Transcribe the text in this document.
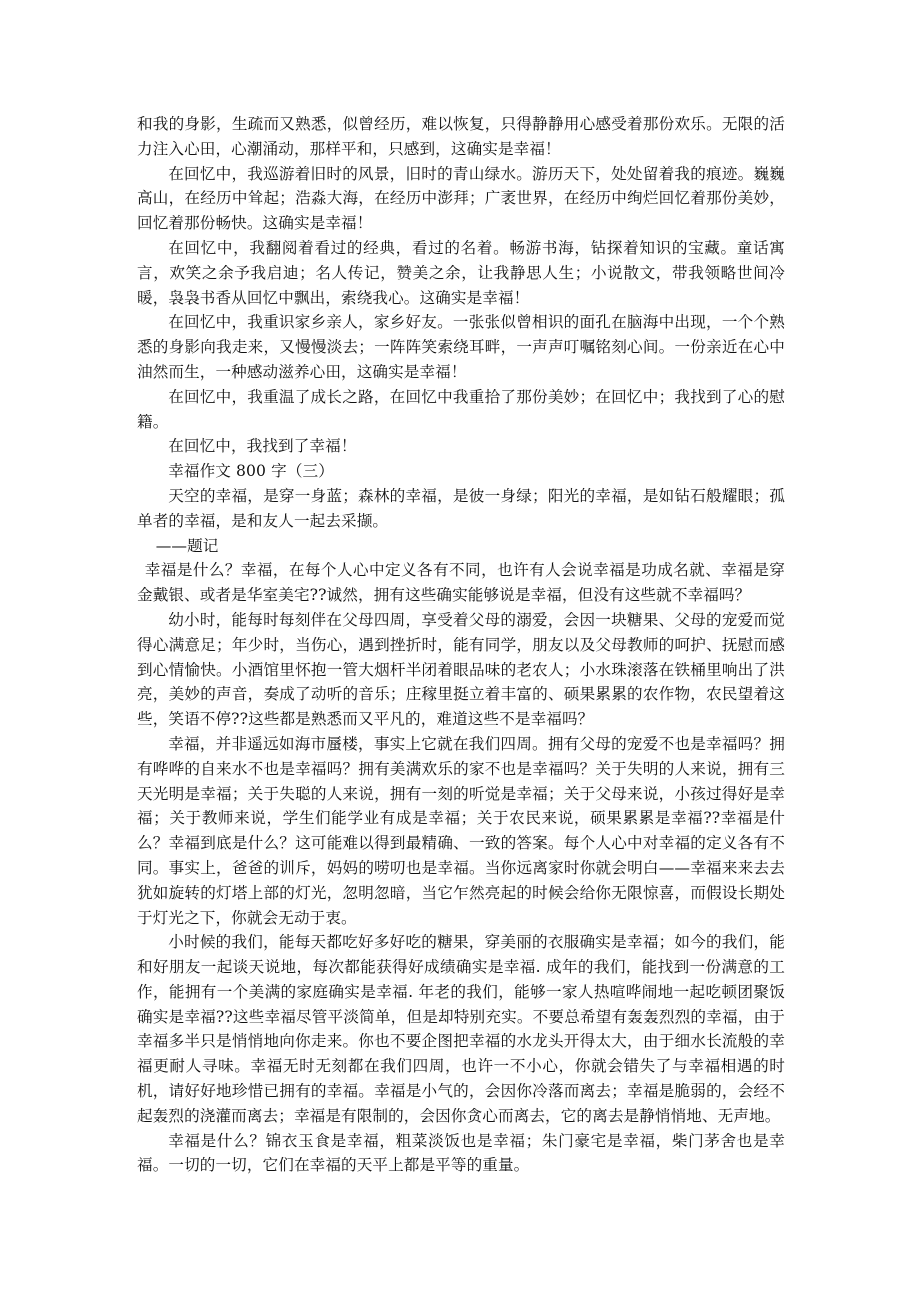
和我的身影，生疏而又熟悉，似曾经历，难以恢复，只得静静用心感受着那份欢乐。无限的活力注入心田，心潮涌动，那样平和，只感到，这确实是幸福！

在回忆中，我巡游着旧时的风景，旧时的青山绿水。游历天下，处处留着我的痕迹。巍巍高山，在经历中耸起；浩淼大海，在经历中澎拜；广袤世界，在经历中绚烂回忆着那份美妙，回忆着那份畅快。这确实是幸福！

在回忆中，我翻阅着看过的经典，看过的名着。畅游书海，钻探着知识的宝藏。童话寓言，欢笑之余予我启迪；名人传记，赞美之余，让我静思人生；小说散文，带我领略世间冷暖，袅袅书香从回忆中飘出，索绕我心。这确实是幸福！

在回忆中，我重识家乡亲人，家乡好友。一张张似曾相识的面孔在脑海中出现，一个个熟悉的身影向我走来，又慢慢淡去；一阵阵笑索绕耳畔，一声声叮嘱铭刻心间。一份亲近在心中油然而生，一种感动滋养心田，这确实是幸福！

在回忆中，我重温了成长之路，在回忆中我重拾了那份美妙；在回忆中；我找到了心的慰籍。

在回忆中，我找到了幸福！

幸福作文 800 字（三）

天空的幸福，是穿一身蓝；森林的幸福，是彼一身绿；阳光的幸福，是如钻石般耀眼；孤单者的幸福，是和友人一起去采撷。

——题记

幸福是什么？幸福，在每个人心中定义各有不同，也许有人会说幸福是功成名就、幸福是穿金戴银、或者是华室美宅??诚然，拥有这些确实能够说是幸福，但没有这些就不幸福吗？

幼小时，能每时每刻伴在父母四周，享受着父母的溺爱，会因一块糖果、父母的宠爱而觉得心满意足；年少时，当伤心，遇到挫折时，能有同学，朋友以及父母教师的呵护、抚慰而感到心情愉快。小酒馆里怀抱一管大烟杆半闭着眼品味的老农人；小水珠滚落在铁桶里响出了洪亮，美妙的声音，奏成了动听的音乐；庄稼里挺立着丰富的、硕果累累的农作物，农民望着这些，笑语不停??这些都是熟悉而又平凡的，难道这些不是幸福吗？

幸福，并非遥远如海市蜃楼，事实上它就在我们四周。拥有父母的宠爱不也是幸福吗？拥有哗哗的自来水不也是幸福吗？拥有美满欢乐的家不也是幸福吗？关于失明的人来说，拥有三天光明是幸福；关于失聪的人来说，拥有一刻的听觉是幸福；关于父母来说，小孩过得好是幸福；关于教师来说，学生们能学业有成是幸福；关于农民来说，硕果累累是幸福??幸福是什么？幸福到底是什么？这可能难以得到最精确、一致的答案。每个人心中对幸福的定义各有不同。事实上，爸爸的训斥，妈妈的唠叨也是幸福。当你远离家时你就会明白——幸福来来去去犹如旋转的灯塔上部的灯光，忽明忽暗，当它乍然亮起的时候会给你无限惊喜，而假设长期处于灯光之下，你就会无动于衷。

小时候的我们，能每天都吃好多好吃的糖果，穿美丽的衣服确实是幸福；如今的我们，能和好朋友一起谈天说地，每次都能获得好成绩确实是幸福. 成年的我们，能找到一份满意的工作，能拥有一个美满的家庭确实是幸福. 年老的我们，能够一家人热喧哗闹地一起吃顿团聚饭确实是幸福??这些幸福尽管平淡简单，但是却特别充实。不要总希望有轰轰烈烈的幸福，由于幸福多半只是悄悄地向你走来。你也不要企图把幸福的水龙头开得太大，由于细水长流般的幸福更耐人寻味。幸福无时无刻都在我们四周，也许一不小心，你就会错失了与幸福相遇的时机，请好好地珍惜已拥有的幸福。幸福是小气的，会因你冷落而离去；幸福是脆弱的，会经不起轰烈的浇灌而离去；幸福是有限制的，会因你贪心而离去，它的离去是静悄悄地、无声地。

幸福是什么？锦衣玉食是幸福，粗菜淡饭也是幸福；朱门豪宅是幸福，柴门茅舍也是幸福。一切的一切，它们在幸福的天平上都是平等的重量。
